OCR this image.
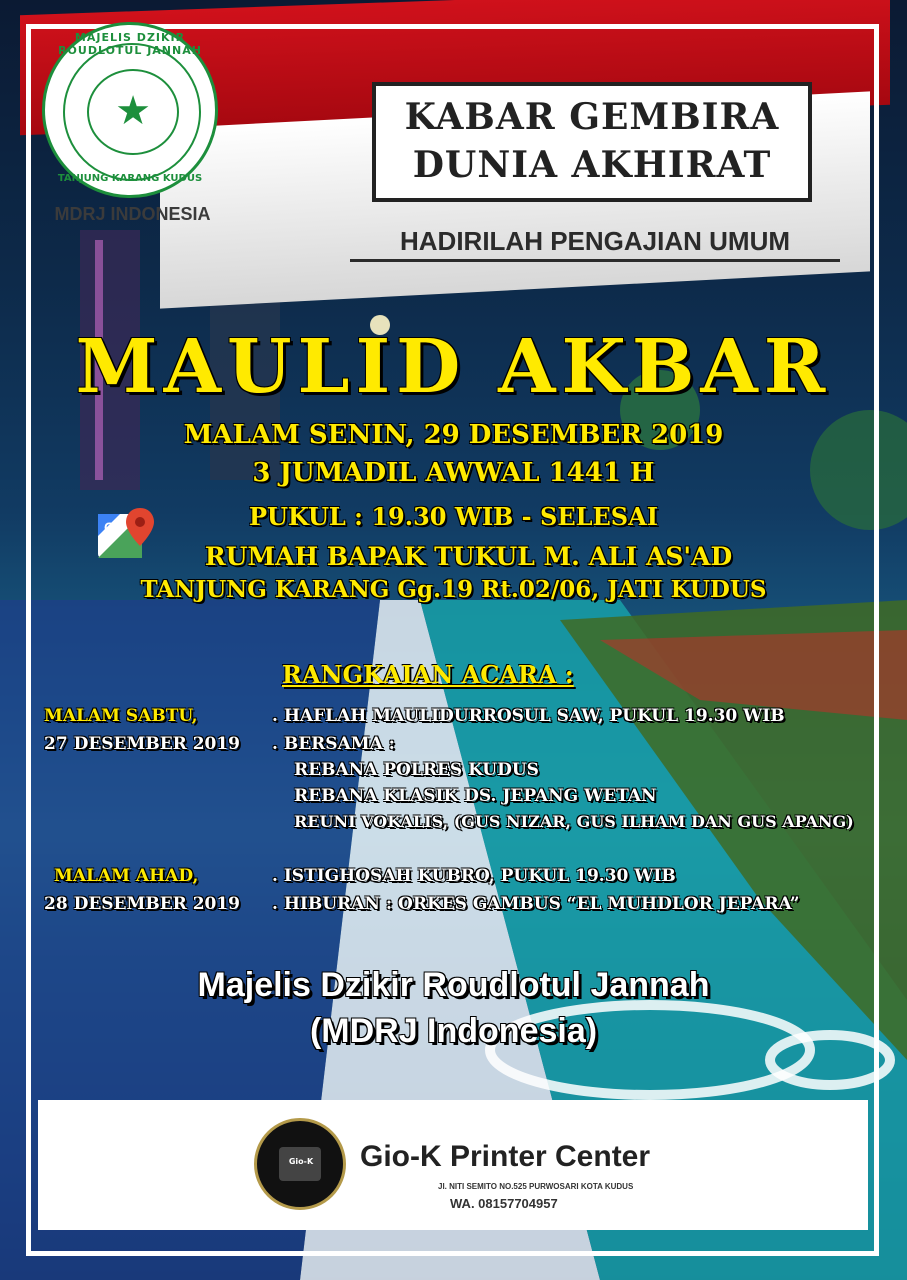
★
MAJELIS DZIKIR ROUDLOTUL JANNAH
TANJUNG KARANG KUDUS
MDRJ INDONESIA
KABAR GEMBIRA
DUNIA AKHIRAT
HADIRILAH PENGAJIAN UMUM
MAULID AKBAR
MALAM SENIN, 29 DESEMBER 2019
3 JUMADIL AWWAL 1441 H
PUKUL : 19.30 WIB - SELESAI
G
RUMAH BAPAK TUKUL M. ALI AS'AD
TANJUNG KARANG Gg.19 Rt.02/06, JATI KUDUS
RANGKAIAN ACARA :
MALAM SABTU,
27 DESEMBER 2019
. HAFLAH MAULIDURROSUL SAW, PUKUL 19.30 WIB
. BERSAMA :
REBANA POLRES KUDUS
REBANA KLASIK DS. JEPANG WETAN
REUNI VOKALIS, (GUS NIZAR, GUS ILHAM DAN GUS APANG)
MALAM AHAD,
28 DESEMBER 2019
. ISTIGHOSAH KUBRO, PUKUL 19.30 WIB
. HIBURAN : ORKES GAMBUS “EL MUHDLOR JEPARA”
Majelis Dzikir Roudlotul Jannah
(MDRJ Indonesia)
Gio-K Gio-K Printer Center
Jl. NITI SEMITO NO.525 PURWOSARI KOTA KUDUS
WA. 08157704957
